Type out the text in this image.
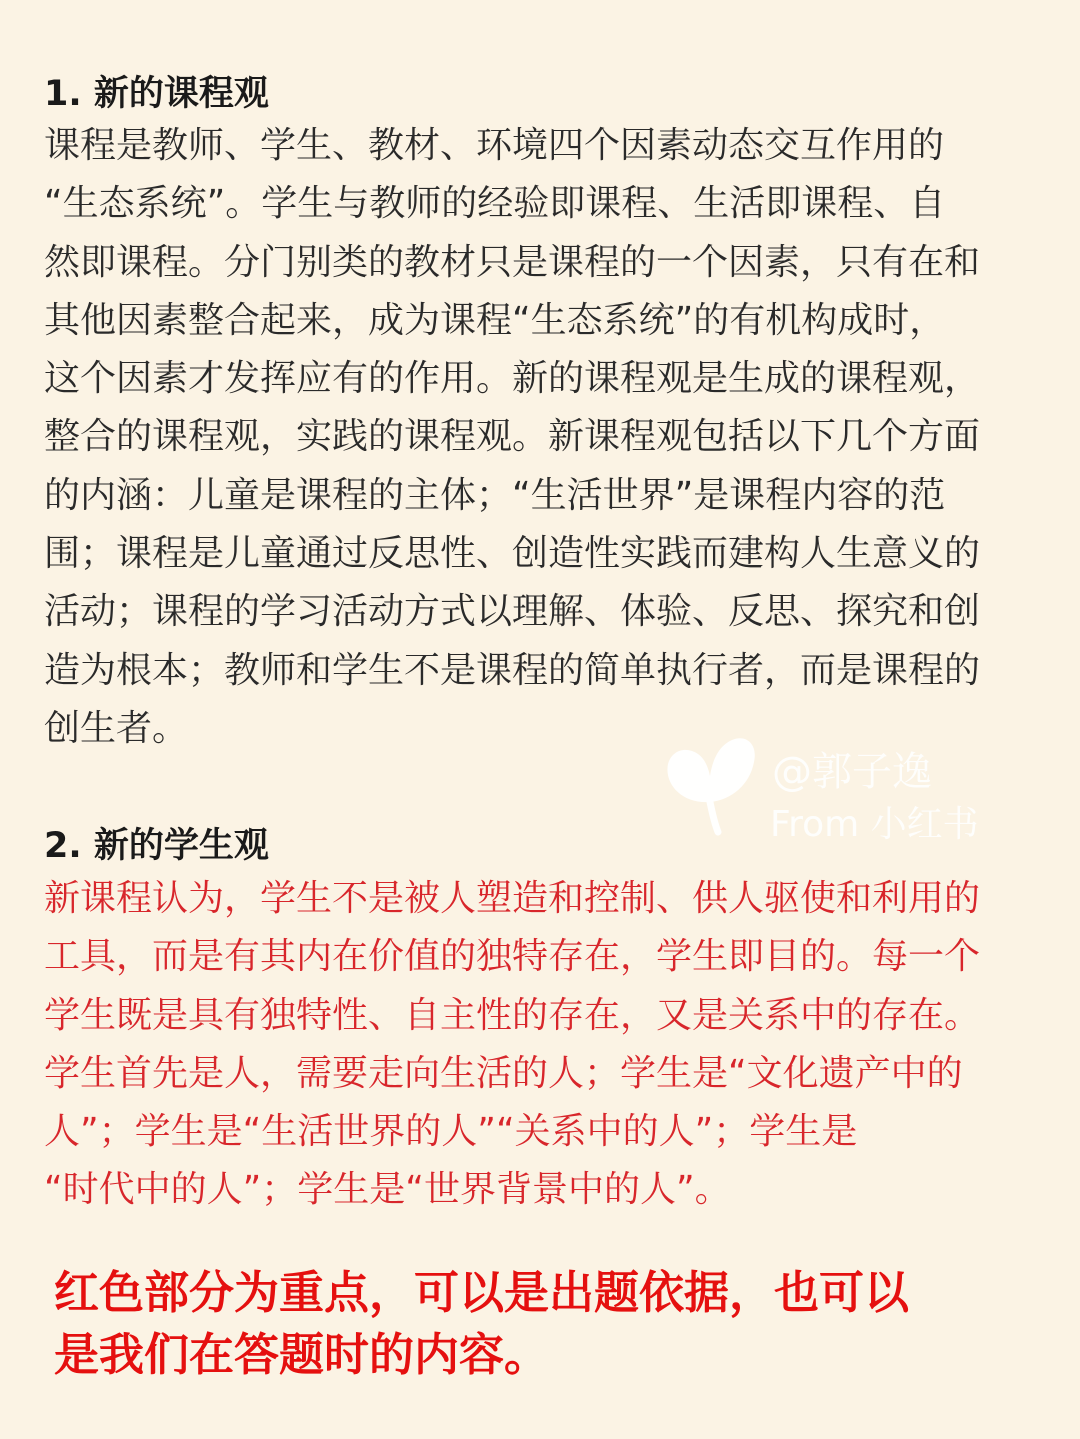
1. 新的课程观

课程是教师、学生、教材、环境四个因素动态交互作用的
“生态系统”。学生与教师的经验即课程、生活即课程、自
然即课程。分门别类的教材只是课程的一个因素，只有在和
其他因素整合起来，成为课程“生态系统”的有机构成时，
这个因素才发挥应有的作用。新的课程观是生成的课程观，
整合的课程观，实践的课程观。新课程观包括以下几个方面
的内涵：儿童是课程的主体；“生活世界”是课程内容的范
围；课程是儿童通过反思性、创造性实践而建构人生意义的
活动；课程的学习活动方式以理解、体验、反思、探究和创
造为根本；教师和学生不是课程的简单执行者，而是课程的
创生者。

2. 新的学生观

新课程认为，学生不是被人塑造和控制、供人驱使和利用的
工具，而是有其内在价值的独特存在，学生即目的。每一个
学生既是具有独特性、自主性的存在，又是关系中的存在。
学生首先是人，需要走向生活的人；学生是“文化遗产中的
人”；学生是“生活世界的人”“关系中的人”；学生是
“时代中的人”；学生是“世界背景中的人”。

红色部分为重点，可以是出题依据，也可以
是我们在答题时的内容。

@郭子逸
From 小红书
